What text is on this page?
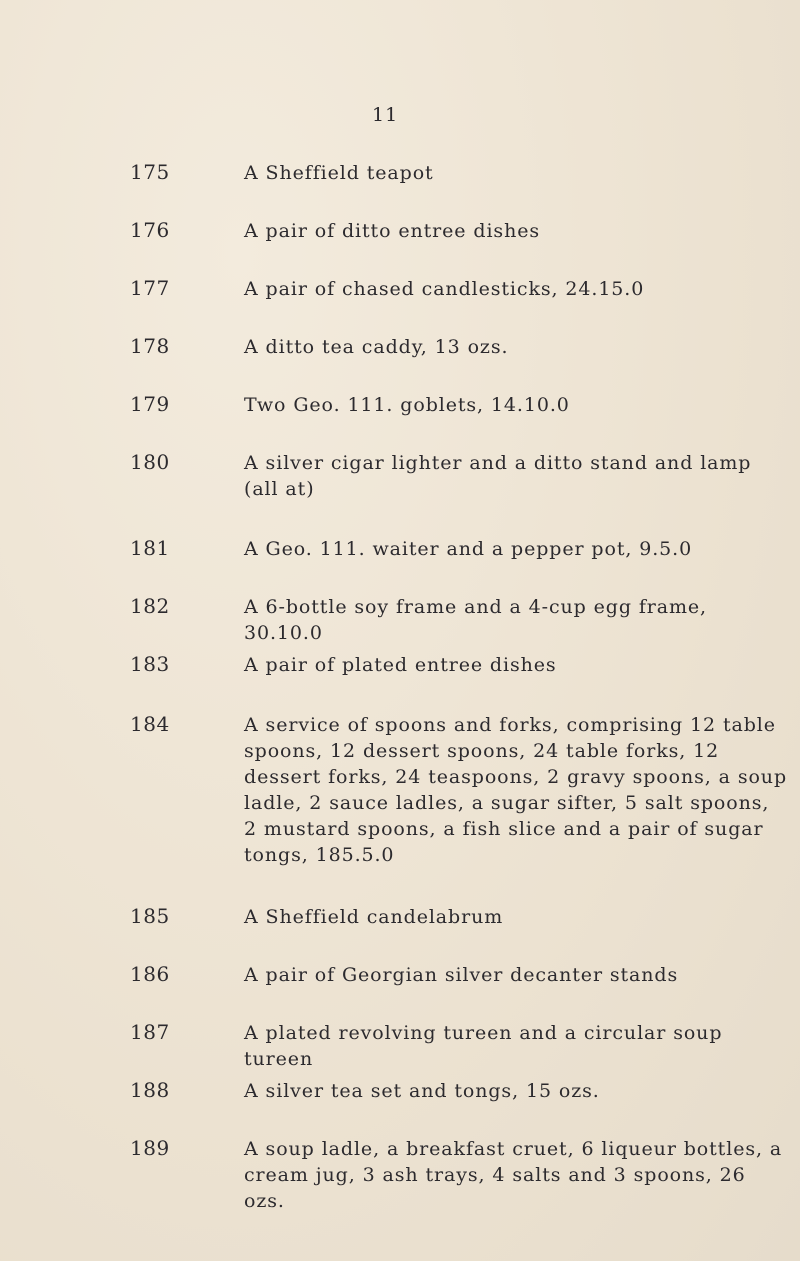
11
175	A Sheffield teapot

176	A pair of ditto entree dishes

177	A pair of chased candlesticks, 24.15.0

178	A ditto tea caddy, 13 ozs.

179	Two Geo. 111. goblets, 14.10.0

180	A silver cigar lighter and a ditto stand and lamp (all at)

181	A Geo. 111. waiter and a pepper pot, 9.5.0

182	A 6-bottle soy frame and a 4-cup egg frame, 30.10.0

183	A pair of plated entree dishes

184	A service of spoons and forks, comprising 12 table spoons, 12 dessert spoons, 24 table forks, 12 dessert forks, 24 teaspoons, 2 gravy spoons, a soup ladle, 2 sauce ladles, a sugar sifter, 5 salt spoons, 2 mustard spoons, a fish slice and a pair of sugar tongs, 185.5.0

185	A Sheffield candelabrum

186	A pair of Georgian silver decanter stands

187	A plated revolving tureen and a circular soup tureen

188	A silver tea set and tongs, 15 ozs.

189	A soup ladle, a breakfast cruet, 6 liqueur bottles, a cream jug, 3 ash trays, 4 salts and 3 spoons, 26 ozs.
